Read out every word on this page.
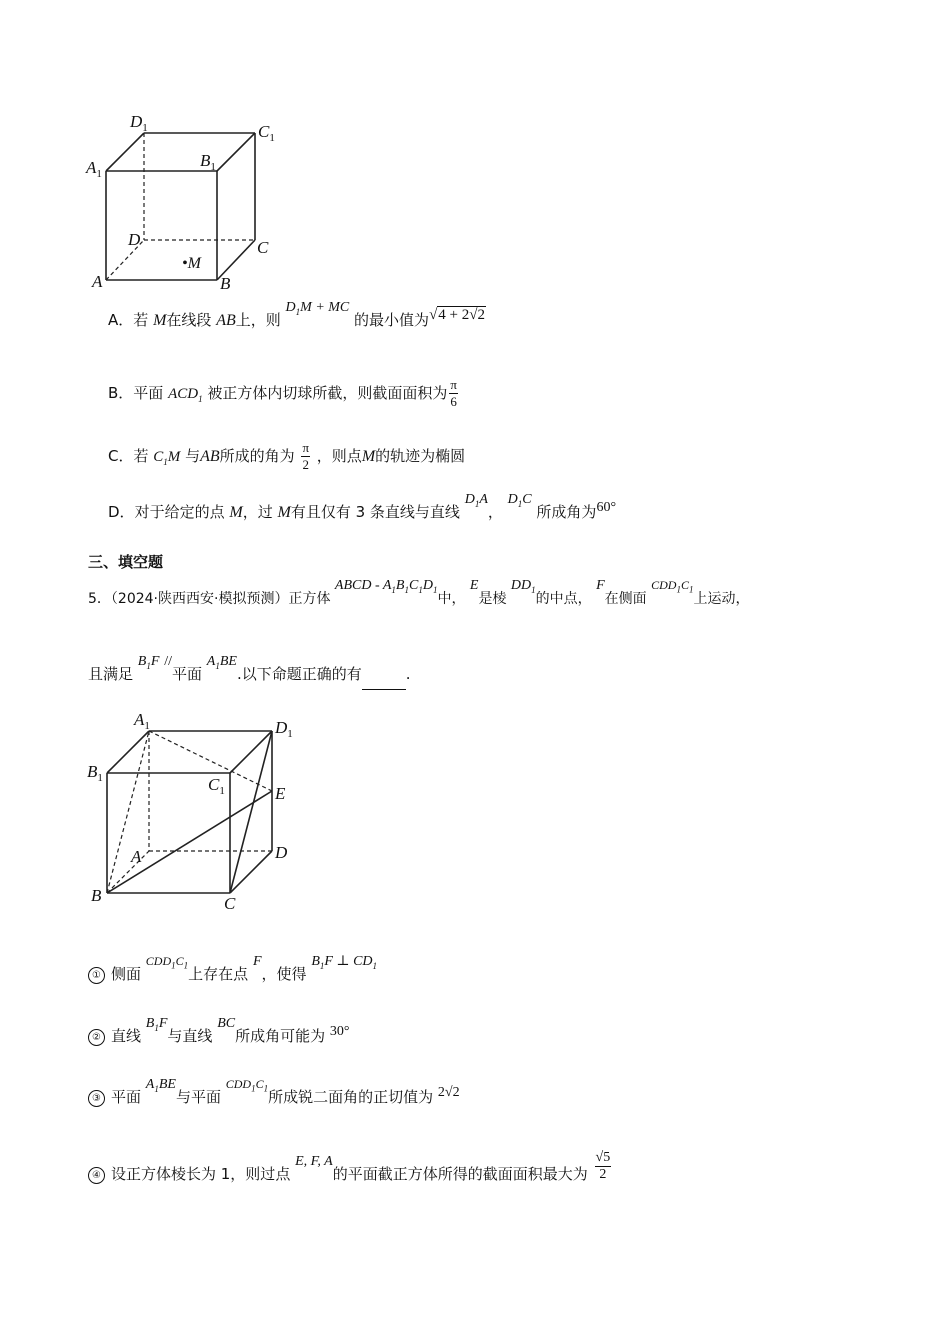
$D_1$	$C_1$
$A_1$
$B_1$
D	C
A	B
•M
A．若 M在线段 AB上，则 $D_1M$ + MC 的最小值为√4 + 2√2
B．平面 $ACD_1$ 被正方体内切球所截，则截面面积为 $\frac{\pi}{6}$
C．若 $C_1M$ 与AB所成的角为 $\frac{\pi}{2}$ ，则点M的轨迹为椭圆
D．对于给定的点 M，过 M有且仅有 3 条直线与直线 $D_1A$， $D_1C$ 所成角为60°
三、填空题
5．（2024·陕西西安·模拟预测）正方体 ABCD - $A_1B_1C_1D_1$中， E是棱 $DD_1$的中点， F在侧面 $CDD_1C_1$上运动，
且满足 $B_1F$ //平面 $A_1BE$.以下命题正确的有	.
$A_1$	$D_1$
$B_1$	$C_1$	E
A	D
B	C
① 侧面 $^{CDD_1C_1}$上存在点 F，使得 $B_1F$ ⊥ $CD_1$
② 直线 $B_1F$与直线 BC所成角可能为 30°
③ 平面 $A_1BE$与平面 $^{CDD_1C_1}$所成锐二面角的正切值为 2√2
④ 设正方体棱长为 1，则过点 E, F, A的平面截正方体所得的截面面积最大为 $\frac{√5}{2}$
